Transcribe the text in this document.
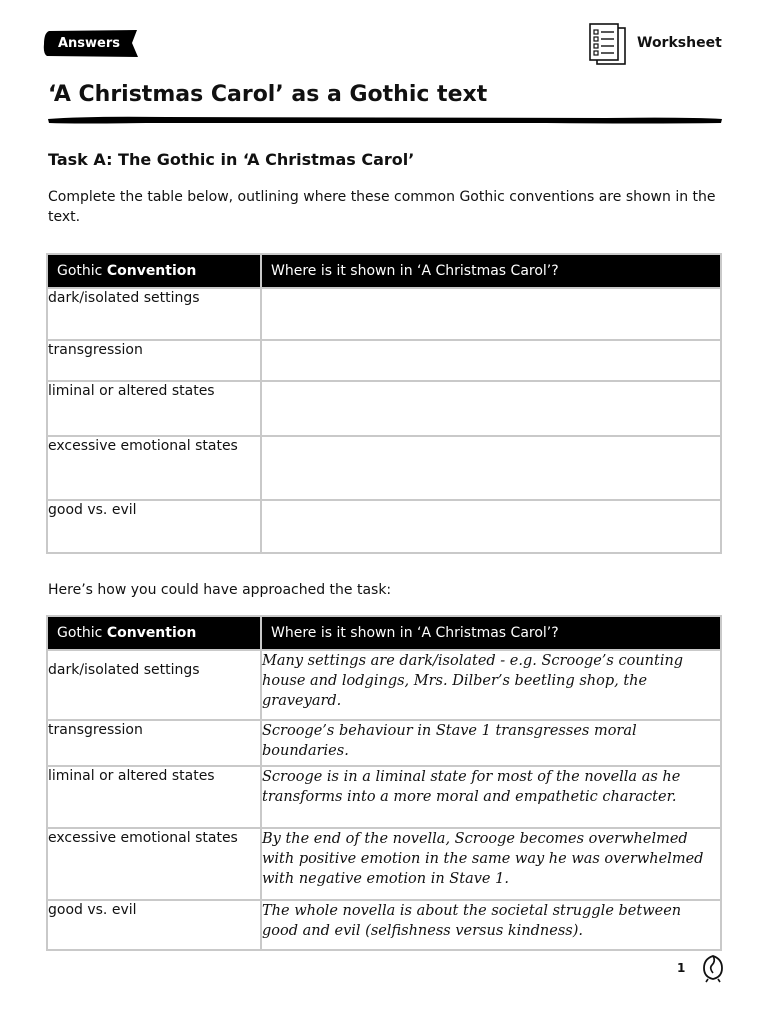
Answers	Worksheet
‘A Christmas Carol’ as a Gothic text
Task A: The Gothic in ‘A Christmas Carol’

Complete the table below, outlining where these common Gothic conventions are shown in the text.

Gothic Convention	Where is it shown in ‘A Christmas Carol’?
dark/isolated settings	
transgression	
liminal or altered states	
excessive emotional states	
good vs. evil	

Here’s how you could have approached the task:

Gothic Convention	Where is it shown in ‘A Christmas Carol’?
dark/isolated settings	Many settings are dark/isolated - e.g. Scrooge’s counting house and lodgings, Mrs. Dilber’s beetling shop, the graveyard.
transgression	Scrooge’s behaviour in Stave 1 transgresses moral boundaries.
liminal or altered states	Scrooge is in a liminal state for most of the novella as he transforms into a more moral and empathetic character.
excessive emotional states	By the end of the novella, Scrooge becomes overwhelmed with positive emotion in the same way he was overwhelmed with negative emotion in Stave 1.
good vs. evil	The whole novella is about the societal struggle between good and evil (selfishness versus kindness).
1
